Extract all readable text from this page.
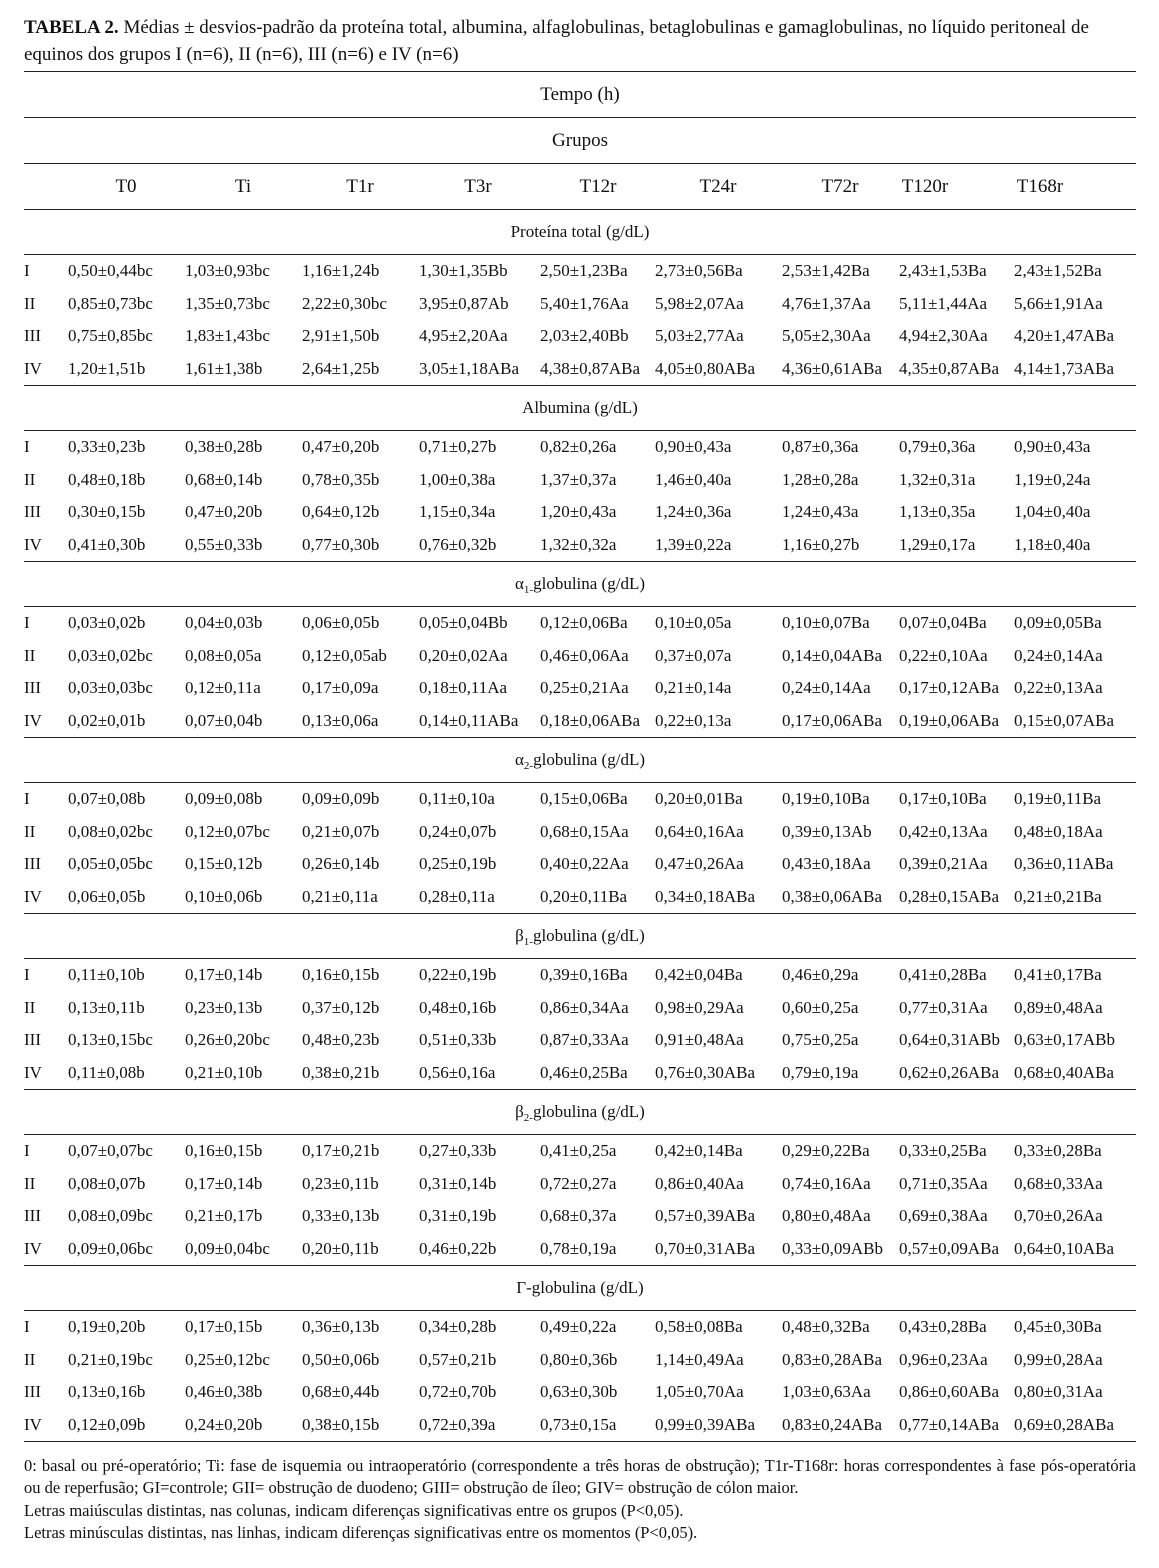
TABELA 2. Médias ± desvios-padrão da proteína total, albumina, alfaglobulinas, betaglobulinas e gamaglobulinas, no líquido peritoneal de equinos dos grupos I (n=6), II (n=6), III (n=6) e IV (n=6)
Tempo (h)
Grupos
T0	Ti	T1r	T3r	T12r	T24r	T72r	T120r	T168r
Proteína total (g/dL)
I 0,50±0,44bc 1,03±0,93bc 1,16±1,24b 1,30±1,35Bb 2,50±1,23Ba 2,73±0,56Ba 2,53±1,42Ba 2,43±1,53Ba 2,43±1,52Ba
II 0,85±0,73bc 1,35±0,73bc 2,22±0,30bc 3,95±0,87Ab 5,40±1,76Aa 5,98±2,07Aa 4,76±1,37Aa 5,11±1,44Aa 5,66±1,91Aa
III 0,75±0,85bc 1,83±1,43bc 2,91±1,50b 4,95±2,20Aa 2,03±2,40Bb 5,03±2,77Aa 5,05±2,30Aa 4,94±2,30Aa 4,20±1,47ABa
IV 1,20±1,51b 1,61±1,38b 2,64±1,25b 3,05±1,18ABa 4,38±0,87ABa 4,05±0,80ABa 4,36±0,61ABa 4,35±0,87ABa 4,14±1,73ABa
Albumina (g/dL)
I 0,33±0,23b 0,38±0,28b 0,47±0,20b 0,71±0,27b	0,82±0,26a 0,90±0,43a	0,87±0,36a 0,79±0,36a 0,90±0,43a
II 0,48±0,18b 0,68±0,14b 0,78±0,35b 1,00±0,38a	1,37±0,37a 1,46±0,40a	1,28±0,28a 1,32±0,31a 1,19±0,24a
III 0,30±0,15b 0,47±0,20b 0,64±0,12b 1,15±0,34a	1,20±0,43a 1,24±0,36a	1,24±0,43a 1,13±0,35a 1,04±0,40a
IV 0,41±0,30b 0,55±0,33b 0,77±0,30b 0,76±0,32b	1,32±0,32a 1,39±0,22a	1,16±0,27b 1,29±0,17a 1,18±0,40a
$\alpha_{1-}globulina$ (g/dL)
I 0,03±0,02b 0,04±0,03b 0,06±0,05b 0,05±0,04Bb 0,12±0,06Ba 0,10±0,05a	0,10±0,07Ba 0,07±0,04Ba 0,09±0,05Ba
II 0,03±0,02bc 0,08±0,05a 0,12±0,05ab 0,20±0,02Aa 0,46±0,06Aa 0,37±0,07a	0,14±0,04ABa 0,22±0,10Aa 0,24±0,14Aa
III 0,03±0,03bc 0,12±0,11a 0,17±0,09a 0,18±0,11Aa 0,25±0,21Aa 0,21±0,14a	0,24±0,14Aa 0,17±0,12ABa 0,22±0,13Aa
IV 0,02±0,01b 0,07±0,04b 0,13±0,06a 0,14±0,11ABa 0,18±0,06ABa 0,22±0,13a	0,17±0,06ABa 0,19±0,06ABa 0,15±0,07ABa
$\alpha_{2-}globulina$ (g/dL)
I 0,07±0,08b 0,09±0,08b 0,09±0,09b 0,11±0,10a	0,15±0,06Ba 0,20±0,01Ba 0,19±0,10Ba 0,17±0,10Ba 0,19±0,11Ba
II 0,08±0,02bc 0,12±0,07bc 0,21±0,07b 0,24±0,07b	0,68±0,15Aa 0,64±0,16Aa 0,39±0,13Ab 0,42±0,13Aa 0,48±0,18Aa
III 0,05±0,05bc 0,15±0,12b 0,26±0,14b 0,25±0,19b	0,40±0,22Aa 0,47±0,26Aa 0,43±0,18Aa 0,39±0,21Aa 0,36±0,11ABa
IV 0,06±0,05b 0,10±0,06b 0,21±0,11a 0,28±0,11a	0,20±0,11Ba 0,34±0,18ABa 0,38±0,06ABa 0,28±0,15ABa 0,21±0,21Ba
$\beta_{1-}globulina$ (g/dL)
I 0,11±0,10b 0,17±0,14b 0,16±0,15b 0,22±0,19b	0,39±0,16Ba 0,42±0,04Ba 0,46±0,29a 0,41±0,28Ba 0,41±0,17Ba
II 0,13±0,11b 0,23±0,13b 0,37±0,12b 0,48±0,16b	0,86±0,34Aa 0,98±0,29Aa 0,60±0,25a 0,77±0,31Aa 0,89±0,48Aa
III 0,13±0,15bc 0,26±0,20bc 0,48±0,23b 0,51±0,33b	0,87±0,33Aa 0,91±0,48Aa 0,75±0,25a 0,64±0,31ABb 0,63±0,17ABb
IV 0,11±0,08b 0,21±0,10b 0,38±0,21b 0,56±0,16a	0,46±0,25Ba 0,76±0,30ABa 0,79±0,19a 0,62±0,26ABa 0,68±0,40ABa
$\beta_{2-}globulina$ (g/dL)
I 0,07±0,07bc 0,16±0,15b 0,17±0,21b 0,27±0,33b	0,41±0,25a 0,42±0,14Ba 0,29±0,22Ba 0,33±0,25Ba 0,33±0,28Ba
II 0,08±0,07b 0,17±0,14b 0,23±0,11b 0,31±0,14b	0,72±0,27a 0,86±0,40Aa 0,74±0,16Aa 0,71±0,35Aa 0,68±0,33Aa
III 0,08±0,09bc 0,21±0,17b 0,33±0,13b 0,31±0,19b	0,68±0,37a 0,57±0,39ABa 0,80±0,48Aa 0,69±0,38Aa 0,70±0,26Aa
IV 0,09±0,06bc 0,09±0,04bc 0,20±0,11b 0,46±0,22b	0,78±0,19a 0,70±0,31ABa 0,33±0,09ABb 0,57±0,09ABa 0,64±0,10ABa
Γ-globulina (g/dL)
I 0,19±0,20b 0,17±0,15b 0,36±0,13b 0,34±0,28b	0,49±0,22a 0,58±0,08Ba 0,48±0,32Ba 0,43±0,28Ba 0,45±0,30Ba
II 0,21±0,19bc 0,25±0,12bc 0,50±0,06b 0,57±0,21b	0,80±0,36b 1,14±0,49Aa 0,83±0,28ABa 0,96±0,23Aa 0,99±0,28Aa
III 0,13±0,16b 0,46±0,38b 0,68±0,44b 0,72±0,70b	0,63±0,30b 1,05±0,70Aa 1,03±0,63Aa 0,86±0,60ABa 0,80±0,31Aa
IV 0,12±0,09b 0,24±0,20b 0,38±0,15b 0,72±0,39a	0,73±0,15a 0,99±0,39ABa 0,83±0,24ABa 0,77±0,14ABa 0,69±0,28ABa
0: basal ou pré-operatório; Ti: fase de isquemia ou intraoperatório (correspondente a três horas de obstrução); T1r-T168r: horas correspondentes à fase pós-operatória ou de reperfusão; GI=controle; GII= obstrução de duodeno; GIII= obstrução de íleo; GIV= obstrução de cólon maior.
Letras maiúsculas distintas, nas colunas, indicam diferenças significativas entre os grupos (P<0,05).
Letras minúsculas distintas, nas linhas, indicam diferenças significativas entre os momentos (P<0,05).
